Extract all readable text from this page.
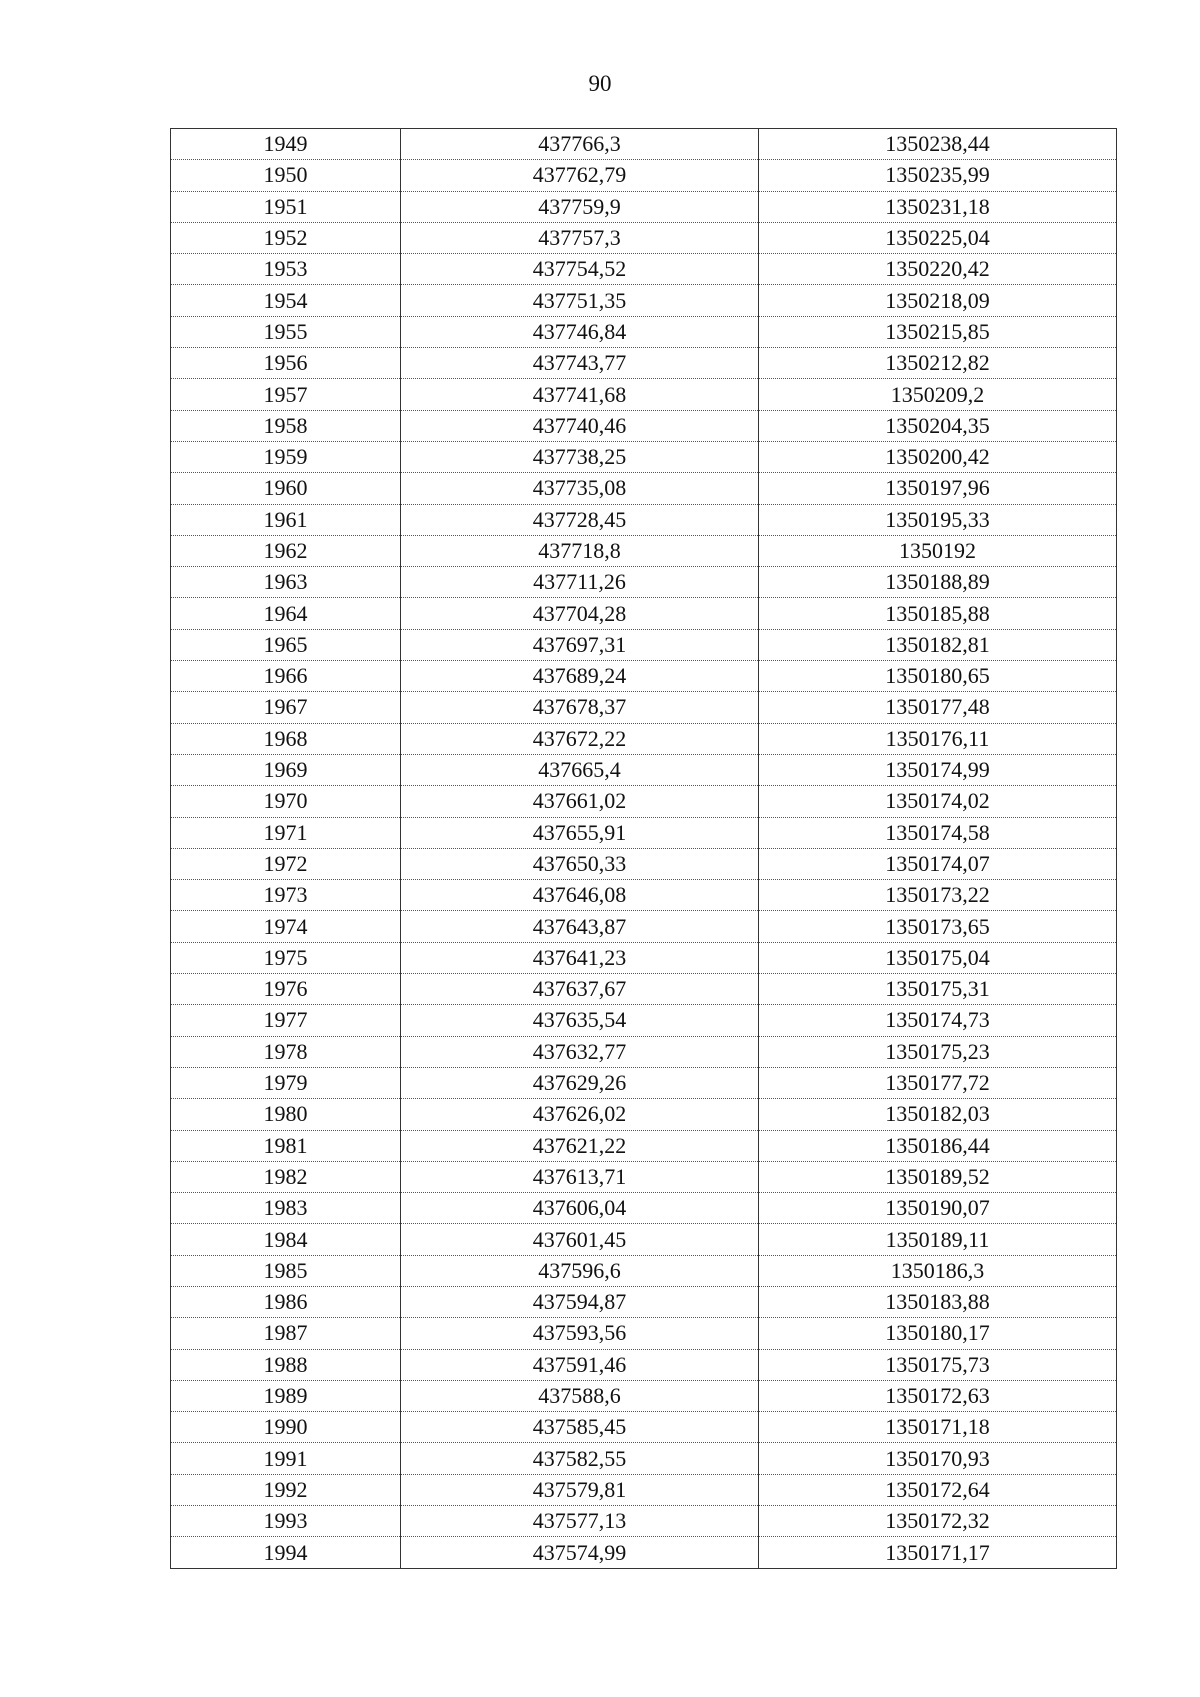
90
1949	437766,3	1350238,44
1950	437762,79	1350235,99
1951	437759,9	1350231,18
1952	437757,3	1350225,04
1953	437754,52	1350220,42
1954	437751,35	1350218,09
1955	437746,84	1350215,85
1956	437743,77	1350212,82
1957	437741,68	1350209,2
1958	437740,46	1350204,35
1959	437738,25	1350200,42
1960	437735,08	1350197,96
1961	437728,45	1350195,33
1962	437718,8	1350192
1963	437711,26	1350188,89
1964	437704,28	1350185,88
1965	437697,31	1350182,81
1966	437689,24	1350180,65
1967	437678,37	1350177,48
1968	437672,22	1350176,11
1969	437665,4	1350174,99
1970	437661,02	1350174,02
1971	437655,91	1350174,58
1972	437650,33	1350174,07
1973	437646,08	1350173,22
1974	437643,87	1350173,65
1975	437641,23	1350175,04
1976	437637,67	1350175,31
1977	437635,54	1350174,73
1978	437632,77	1350175,23
1979	437629,26	1350177,72
1980	437626,02	1350182,03
1981	437621,22	1350186,44
1982	437613,71	1350189,52
1983	437606,04	1350190,07
1984	437601,45	1350189,11
1985	437596,6	1350186,3
1986	437594,87	1350183,88
1987	437593,56	1350180,17
1988	437591,46	1350175,73
1989	437588,6	1350172,63
1990	437585,45	1350171,18
1991	437582,55	1350170,93
1992	437579,81	1350172,64
1993	437577,13	1350172,32
1994	437574,99	1350171,17
